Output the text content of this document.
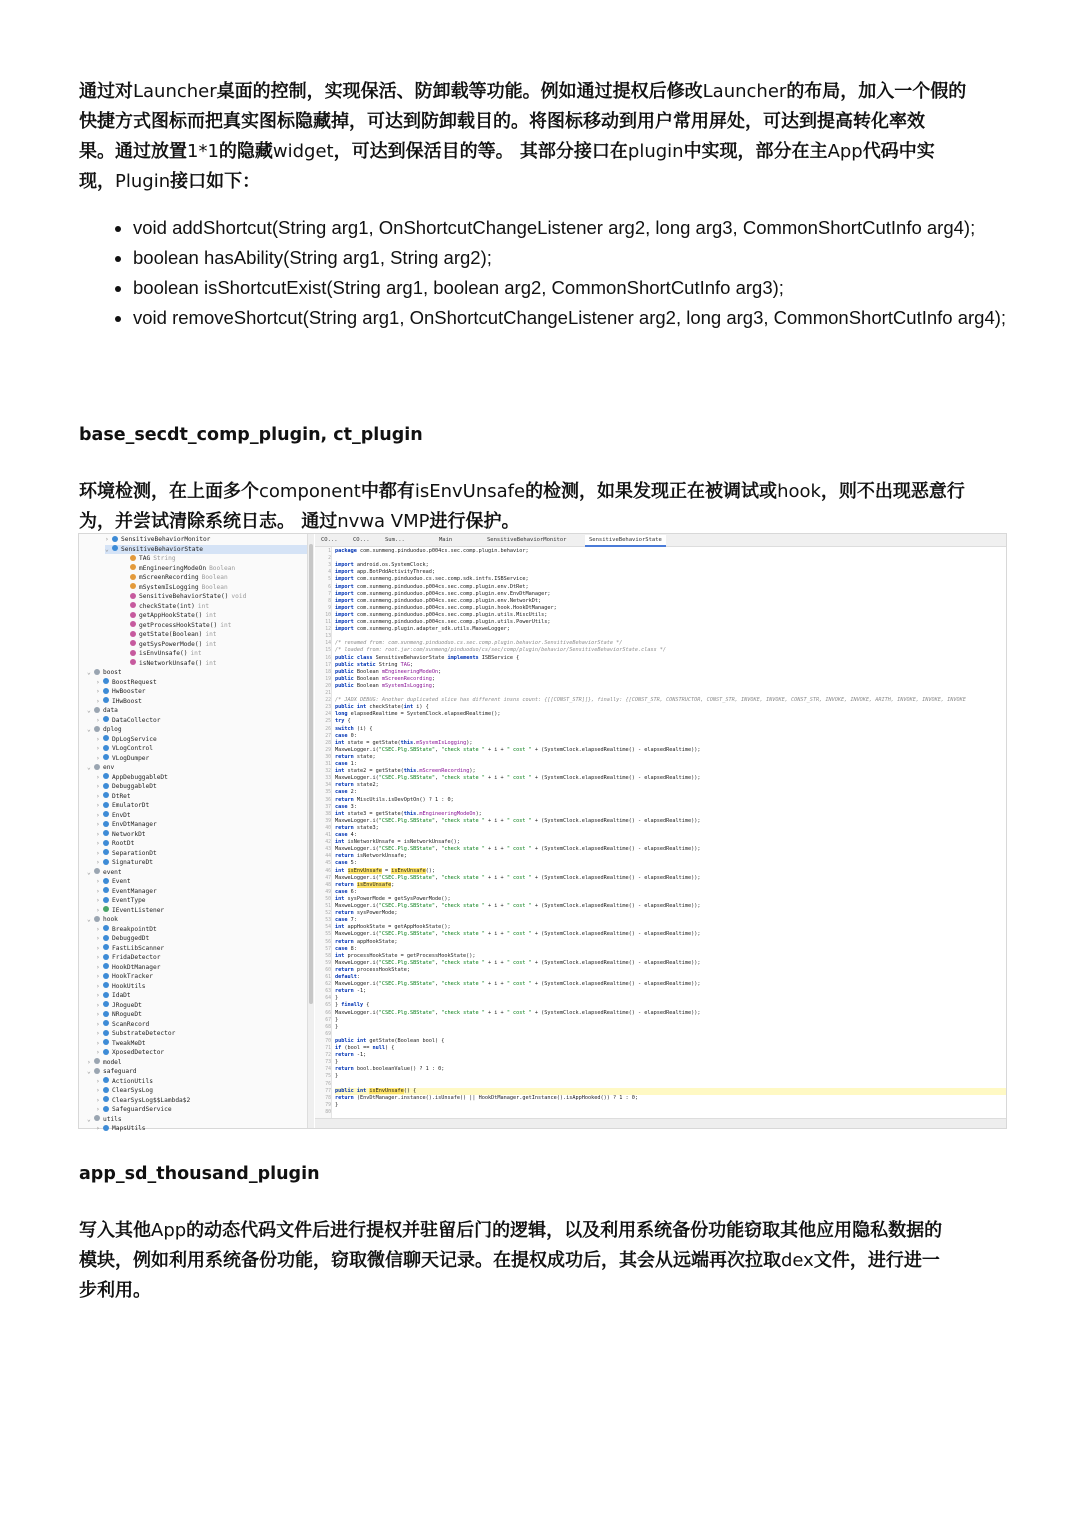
通过对Launcher桌面的控制，实现保活、防卸载等功能。例如通过提权后修改Launcher的布局，加入一个假的
快捷方式图标而把真实图标隐藏掉，可达到防卸载目的。将图标移动到用户常用屏处，可达到提高转化率效
果。通过放置1*1的隐藏widget，可达到保活目的等。 其部分接口在plugin中实现，部分在主App代码中实
现，Plugin接口如下：
• void addShortcut(String arg1, OnShortcutChangeListener arg2, long arg3, CommonShortCutInfo arg4);
• boolean hasAbility(String arg1, String arg2);
• boolean isShortcutExist(String arg1, boolean arg2, CommonShortCutInfo arg3);
• void removeShortcut(String arg1, OnShortcutChangeListener arg2, long arg3, CommonShortCutInfo arg4);
base_secdt_comp_plugin, ct_plugin
环境检测，在上面多个component中都有isEnvUnsafe的检测，如果发现正在被调试或hook，则不出现恶意行
为，并尝试清除系统日志。 通过nvwa VMP进行保护。
› SensitiveBehaviorMonitor
⌄ SensitiveBehaviorState
TAG String
mEngineeringModeOn Boolean
mScreenRecording Boolean
mSystemIsLogging Boolean
SensitiveBehaviorState() void
checkState(int) int
getAppHookState() int
getProcessHookState() int
getState(Boolean) int
getSysPowerMode() int
isEnvUnsafe() int
isNetworkUnsafe() int
⌄ boost
› BoostRequest
› HwBooster
› IHwBoost
⌄ data
› DataCollector
⌄ dplog
› DpLogService
› VLogControl
› VLogDumper
⌄ env
› AppDebuggableDt
› DebuggableDt
› DtRet
› EmulatorDt
› EnvDt
› EnvDtManager
› NetworkDt
› RootDt
› SeparationDt
› SignatureDt
⌄ event
› Event
› EventManager
› EventType
› IEventListener
⌄ hook
› BreakpointDt
› DebuggedDt
› FastLibScanner
› FridaDetector
› HookDtManager
› HookTracker
› HookUtils
› IdaDt
› JRogueDt
› NRogueDt
› ScanRecord
› SubstrateDetector
› TweakMeDt
› XposedDetector
› model
⌄ safeguard
› ActionUtils
› ClearSysLog
› ClearSysLog$$Lambda$2
› SafeguardService
⌄ utils
› MapsUtils
CO...	CO...	Sum...	Main	SensitiveBehaviorMonitor	SensitiveBehaviorState
1 package com.xunmeng.pinduoduo.p004cs.sec.comp.plugin.behavior;
2
3 import android.os.SystemClock;
4 import app.BotPddActivityThread;
5 import com.xunmeng.pinduoduo.cs.sec.comp.sdk.intfs.ISBService;
6 import com.xunmeng.pinduoduo.p004cs.sec.comp.plugin.env.DtRet;
7 import com.xunmeng.pinduoduo.p004cs.sec.comp.plugin.env.EnvDtManager;
8 import com.xunmeng.pinduoduo.p004cs.sec.comp.plugin.env.NetworkDt;
9 import com.xunmeng.pinduoduo.p004cs.sec.comp.plugin.hook.HookDtManager;
10 import com.xunmeng.pinduoduo.p004cs.sec.comp.plugin.utils.MiscUtils;
11 import com.xunmeng.pinduoduo.p004cs.sec.comp.plugin.utils.PowerUtils;
12 import com.xunmeng.plugin.adapter_sdk.utils.MaxweLogger;
13
14 /* renamed from: com.xunmeng.pinduoduo.cs.sec.comp.plugin.behavior.SensitiveBehaviorState */
15 /* loaded from: root.jar:com/xunmeng/pinduoduo/cs/sec/comp/plugin/behavior/SensitiveBehaviorState.class */
16 public class SensitiveBehaviorState implements ISBService {
17 public static String TAG;
18 public Boolean mEngineeringModeOn;
19 public Boolean mScreenRecording;
20 public Boolean mSystemIsLogging;
21
22 /* JADX DEBUG: Another duplicated slice has different insns count: {[[CONST_STR]]}, finally: {[CONST_STR, CONSTRUCTOR, CONST_STR, INVOKE, INVOKE, CONST_STR, INVOKE, INVOKE, ARITH, INVOKE, INVOKE, INVOKE
23 public int checkState(int i) {
24 long elapsedRealtime = SystemClock.elapsedRealtime();
25 try {
26 switch (i) {
27 case 0:
28 int state = getState(this.mSystemIsLogging);
29 MaxweLogger.i("CSEC.Plg.SBState", "check state " + i + " cost " + (SystemClock.elapsedRealtime() - elapsedRealtime));
30 return state;
31 case 1:
32 int state2 = getState(this.mScreenRecording);
33 MaxweLogger.i("CSEC.Plg.SBState", "check state " + i + " cost " + (SystemClock.elapsedRealtime() - elapsedRealtime));
34 return state2;
35 case 2:
36 return MiscUtils.isDevOptOn() ? 1 : 0;
37 case 3:
38 int state3 = getState(this.mEngineeringModeOn);
39 MaxweLogger.i("CSEC.Plg.SBState", "check state " + i + " cost " + (SystemClock.elapsedRealtime() - elapsedRealtime));
40 return state3;
41 case 4:
42 int isNetworkUnsafe = isNetworkUnsafe();
43 MaxweLogger.i("CSEC.Plg.SBState", "check state " + i + " cost " + (SystemClock.elapsedRealtime() - elapsedRealtime));
44 return isNetworkUnsafe;
45 case 5:
46 int isEnvUnsafe = isEnvUnsafe();
47 MaxweLogger.i("CSEC.Plg.SBState", "check state " + i + " cost " + (SystemClock.elapsedRealtime() - elapsedRealtime));
48 return isEnvUnsafe;
49 case 6:
50 int sysPowerMode = getSysPowerMode();
51 MaxweLogger.i("CSEC.Plg.SBState", "check state " + i + " cost " + (SystemClock.elapsedRealtime() - elapsedRealtime));
52 return sysPowerMode;
53 case 7:
54 int appHookState = getAppHookState();
55 MaxweLogger.i("CSEC.Plg.SBState", "check state " + i + " cost " + (SystemClock.elapsedRealtime() - elapsedRealtime));
56 return appHookState;
57 case 8:
58 int processHookState = getProcessHookState();
59 MaxweLogger.i("CSEC.Plg.SBState", "check state " + i + " cost " + (SystemClock.elapsedRealtime() - elapsedRealtime));
60 return processHookState;
61 default:
62 MaxweLogger.i("CSEC.Plg.SBState", "check state " + i + " cost " + (SystemClock.elapsedRealtime() - elapsedRealtime));
63 return -1;
64 }
65 } finally {
66 MaxweLogger.i("CSEC.Plg.SBState", "check state " + i + " cost " + (SystemClock.elapsedRealtime() - elapsedRealtime));
67 }
68 }
69
70 public int getState(Boolean bool) {
71 if (bool == null) {
72 return -1;
73 }
74 return bool.booleanValue() ? 1 : 0;
75 }
76
77 public int isEnvUnsafe() {
78 return (EnvDtManager.instance().isUnsafe() || HookDtManager.getInstance().isAppHooked()) ? 1 : 0;
79 }
80
app_sd_thousand_plugin
写入其他App的动态代码文件后进行提权并驻留后门的逻辑，以及利用系统备份功能窃取其他应用隐私数据的
模块，例如利用系统备份功能，窃取微信聊天记录。在提权成功后，其会从远端再次拉取dex文件，进行进一
步利用。
